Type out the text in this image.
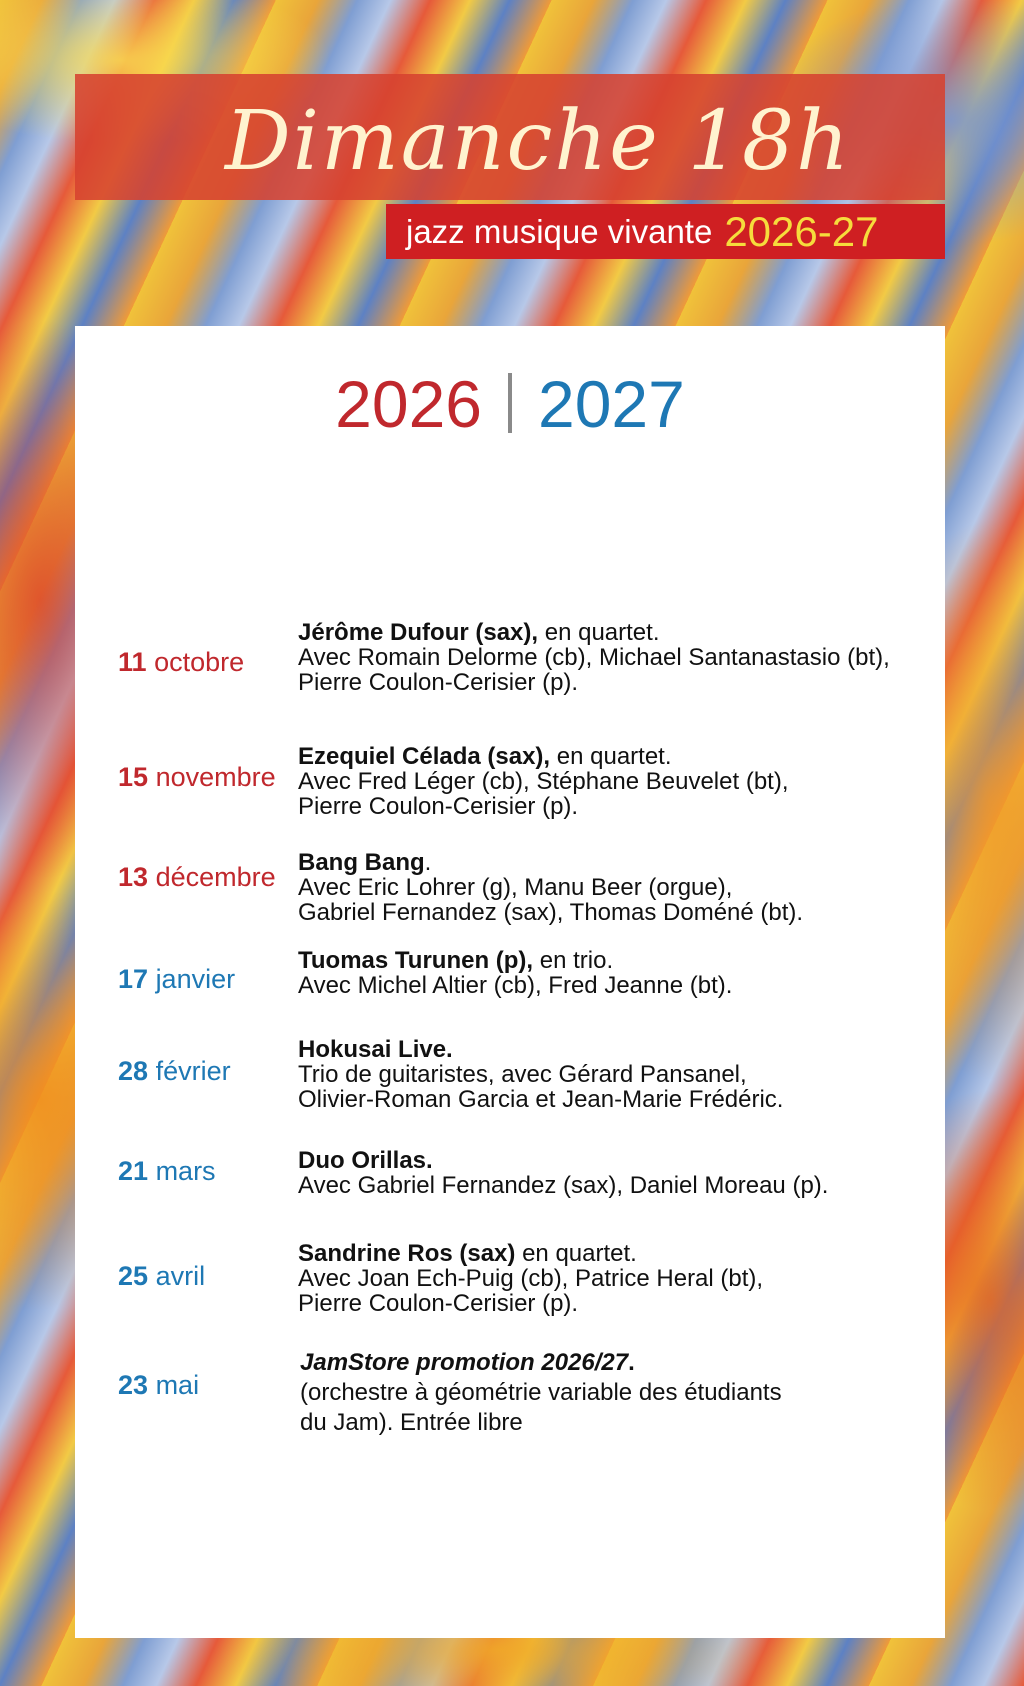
Dimanche 18h
jazz musique vivante 2026-27
2026 2027
11 octobre
Jérôme Dufour (sax), en quartet.
Avec Romain Delorme (cb), Michael Santanastasio (bt),
Pierre Coulon-Cerisier (p).
15 novembre
Ezequiel Célada (sax), en quartet.
Avec Fred Léger (cb), Stéphane Beuvelet (bt),
Pierre Coulon-Cerisier (p).
13 décembre Bang Bang.
Avec Eric Lohrer (g), Manu Beer (orgue),
Gabriel Fernandez (sax), Thomas Doméné (bt).
17 janvier
Tuomas Turunen (p), en trio.
Avec Michel Altier (cb), Fred Jeanne (bt).
28 février
Hokusai Live.
Trio de guitaristes, avec Gérard Pansanel,
Olivier-Roman Garcia et Jean-Marie Frédéric.
21 mars	Duo Orillas.
Avec Gabriel Fernandez (sax), Daniel Moreau (p).
25 avril
Sandrine Ros (sax) en quartet.
Avec Joan Ech-Puig (cb), Patrice Heral (bt),
Pierre Coulon-Cerisier (p).
23 mai
JamStore promotion 2026/27.
(orchestre à géométrie variable des étudiants
du Jam). Entrée libre
